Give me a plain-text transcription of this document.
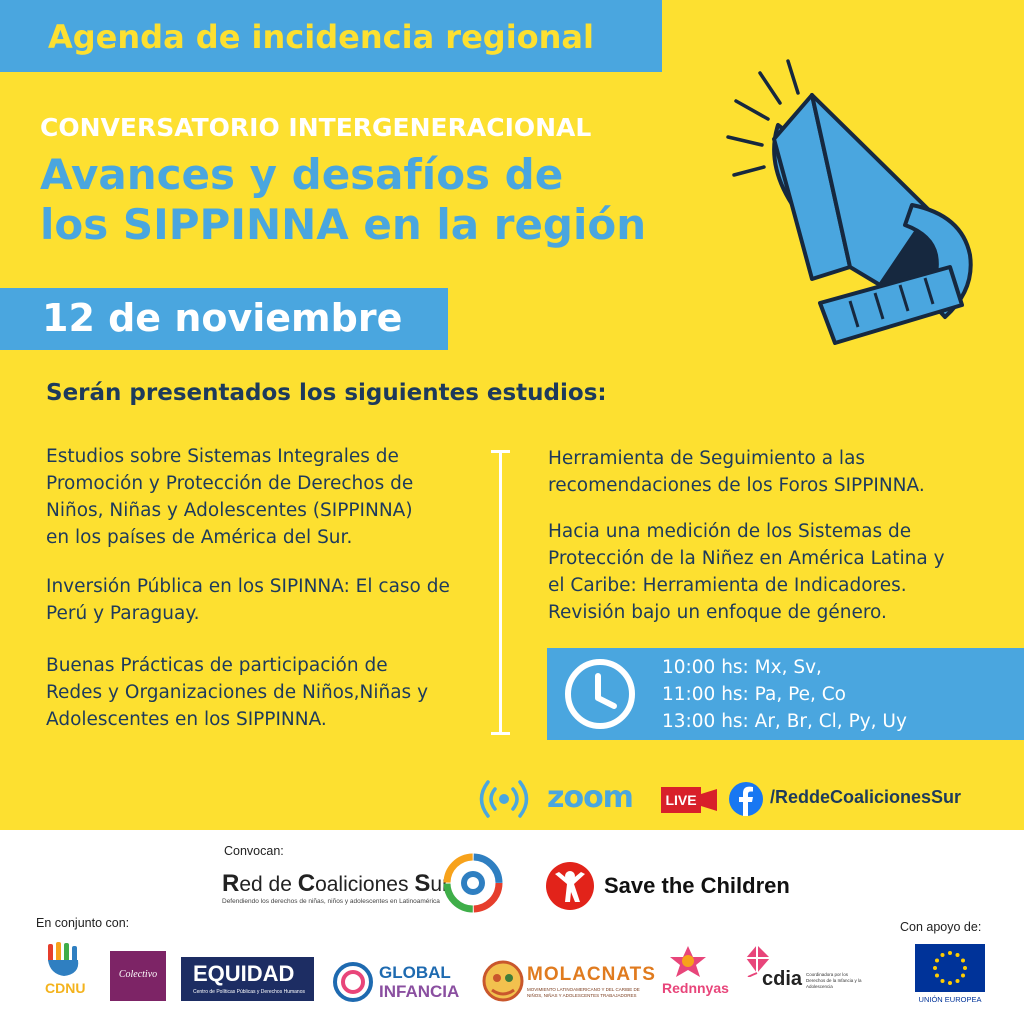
Agenda de incidencia regional
CONVERSATORIO INTERGENERACIONAL
Avances y desafíos de
los SIPPINNA en la región
12 de noviembre
Serán presentados los siguientes estudios:
Estudios sobre Sistemas Integrales de
Promoción y Protección de Derechos de
Niños, Niñas y Adolescentes (SIPPINNA)
en los países de América del Sur.
Inversión Pública en los SIPINNA: El caso de
Perú y Paraguay.
Buenas Prácticas de participación de
Redes y Organizaciones de Niños,Niñas y
Adolescentes en los SIPPINNA.
Herramienta de Seguimiento a las
recomendaciones de los Foros SIPPINNA.
Hacia una medición de los Sistemas de
Protección de la Niñez en América Latina y
el Caribe: Herramienta de Indicadores.
Revisión bajo un enfoque de género.
10:00 hs: Mx, Sv,
11:00 hs: Pa, Pe, Co
13:00 hs: Ar, Br, Cl, Py, Uy
zoom	LIVE	/ReddeCoalicionesSur
Convocan:
Red de Coaliciones Sur
Defendiendo los derechos de niñas, niños y adolescentes en Latinoamérica
Save the Children
En conjunto con:	Con apoyo de:
CDNU
Colectivo	EQUIDAD
Centro de Políticas Públicas y Derechos Humanos
GLOBAL
INFANCIA
MOLACNATS
MOVIMIENTO LATINOAMERICANO Y DEL CARIBE DE NIÑOS, NIÑAS Y ADOLESCENTES TRABAJADORES	Rednnyas cdia Coordinadora por los Derechos de la Infancia y la Adolescencia
UNIÓN EUROPEA
